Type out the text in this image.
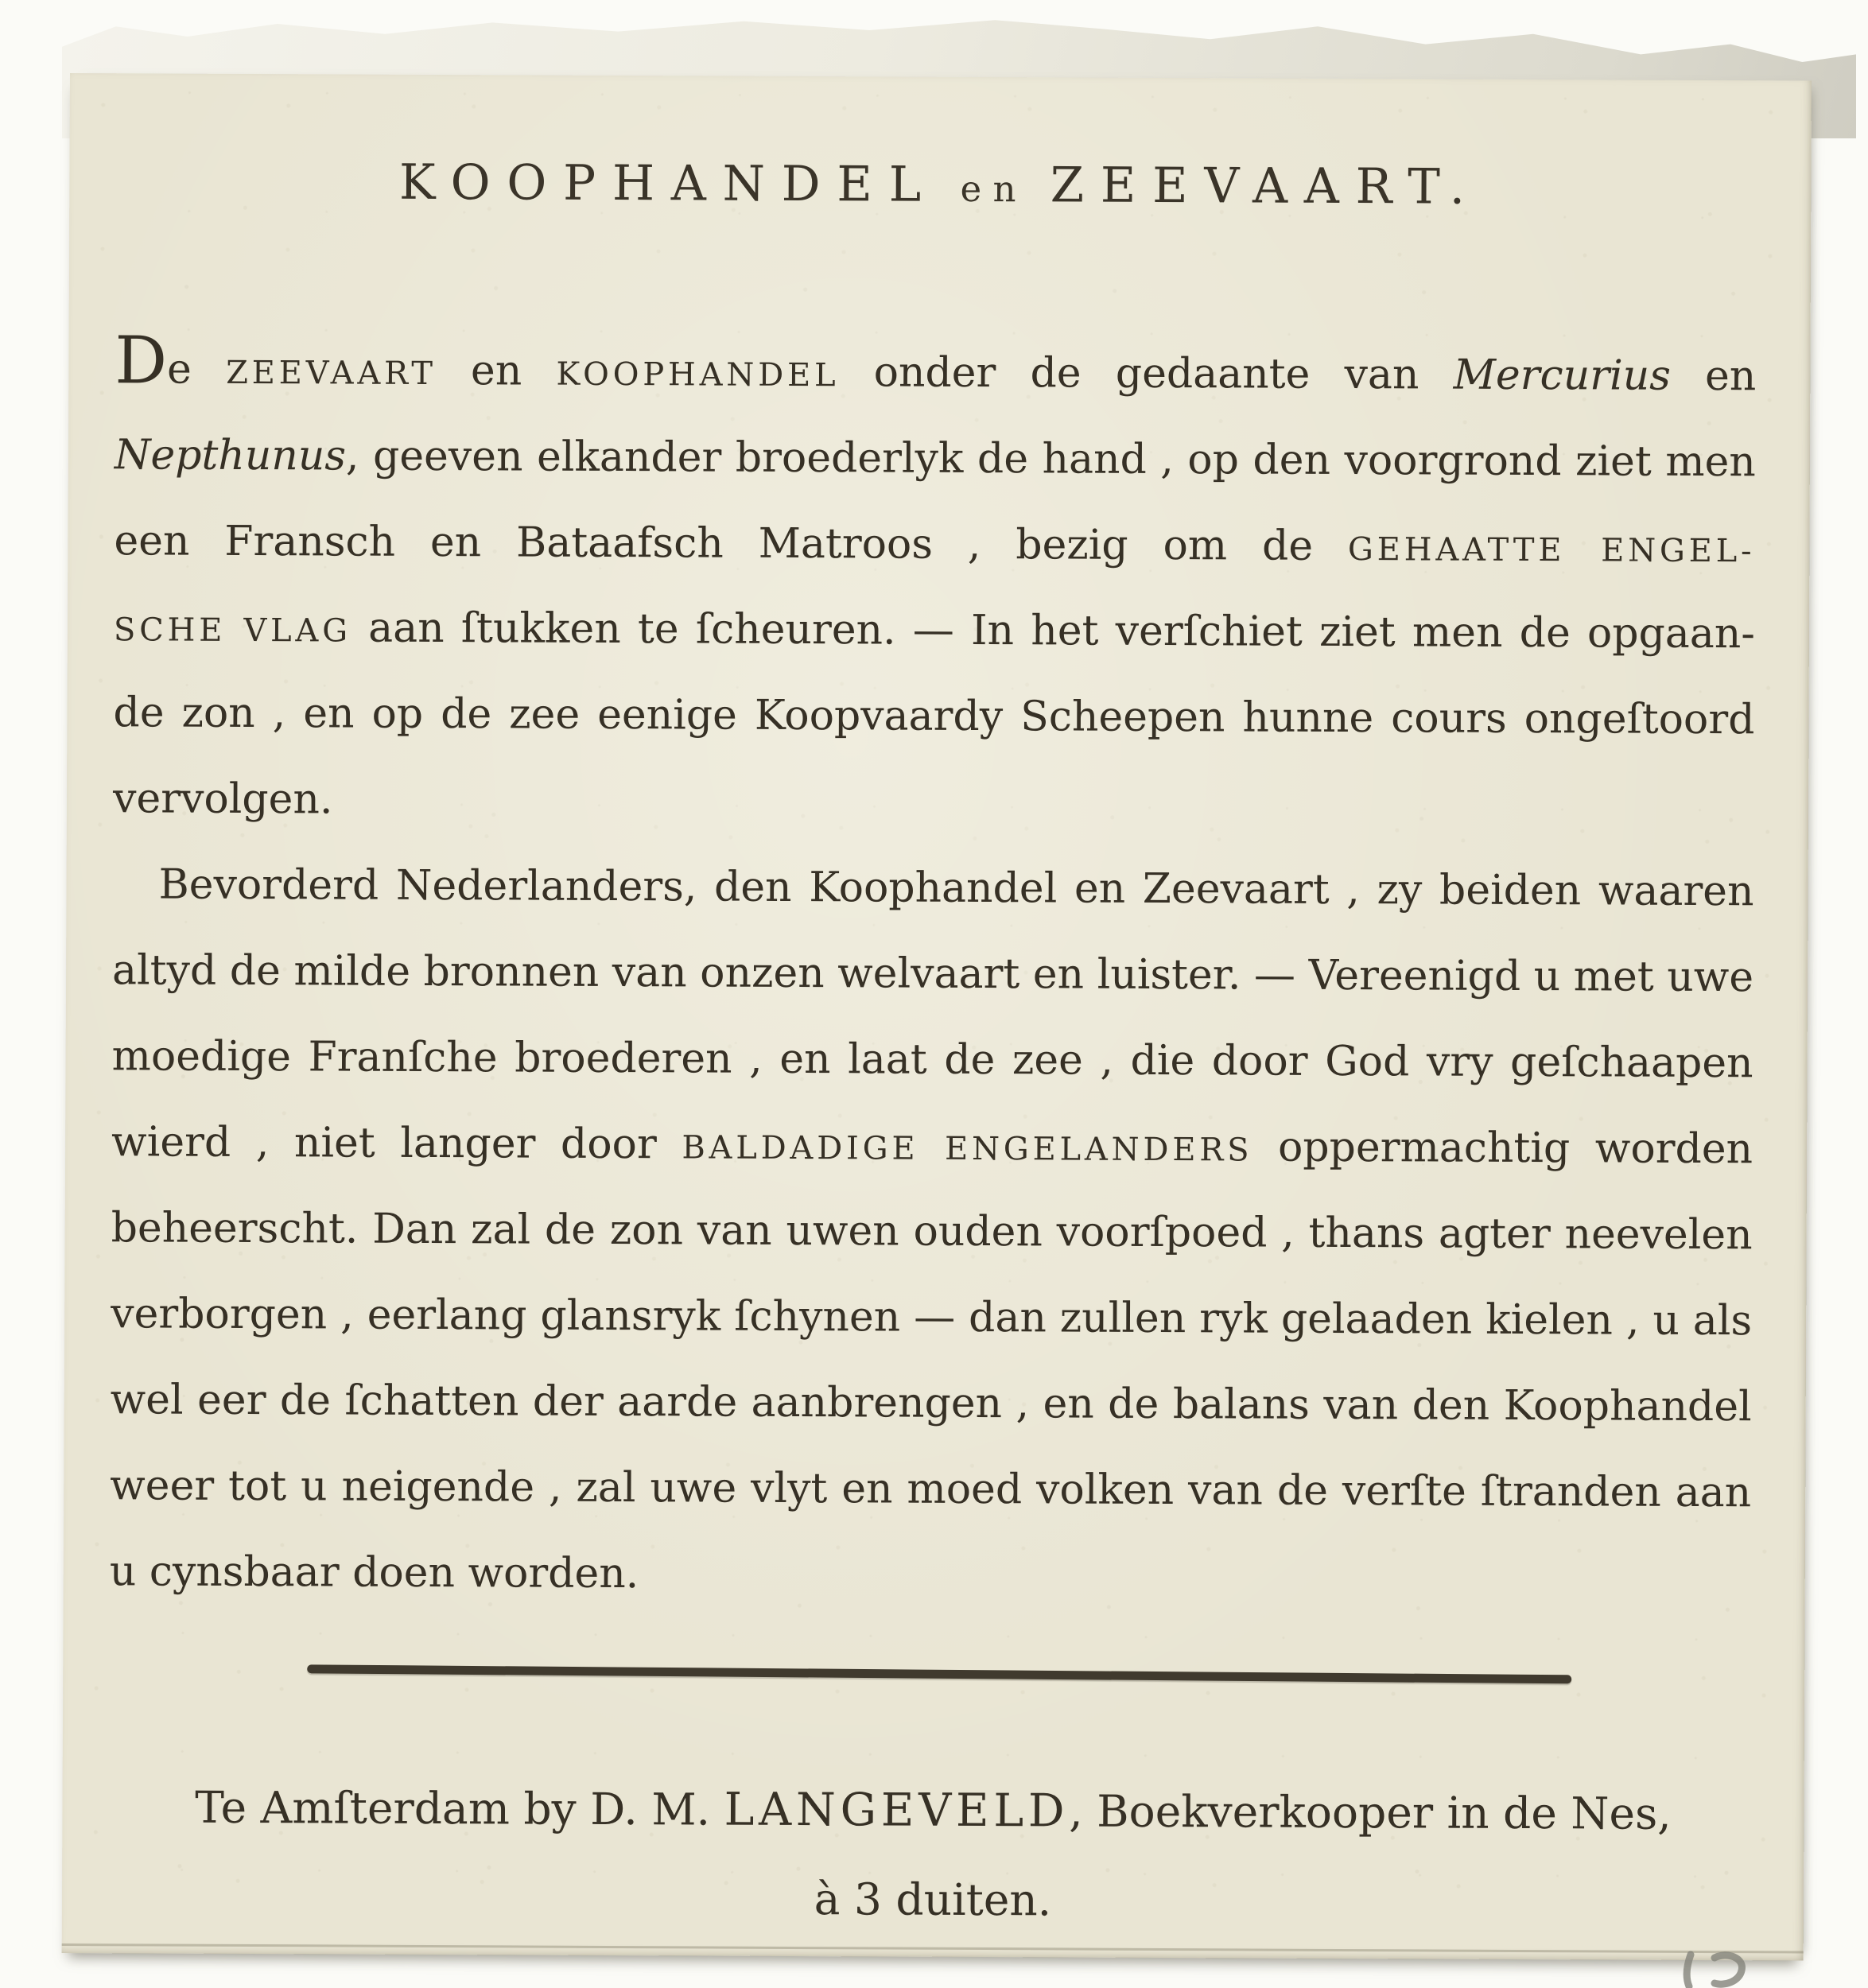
KOOPHANDEL en ZEEVAART.
De ZEEVAART en KOOPHANDEL onder de gedaante van Mercurius en
Nepthunus, geeven elkander broederlyk de hand , op den voorgrond ziet men
een Fransch en Bataafsch Matroos , bezig om de GEHAATTE ENGEL-
SCHE VLAG aan ſtukken te ſcheuren. — In het verſchiet ziet men de opgaan-
de zon , en op de zee eenige Koopvaardy Scheepen hunne cours ongeſtoord
vervolgen.
Bevorderd Nederlanders, den Koophandel en Zeevaart , zy beiden waaren
altyd de milde bronnen van onzen welvaart en luister. — Vereenigd u met uwe
moedige Franſche broederen , en laat de zee , die door God vry geſchaapen
wierd , niet langer door BALDADIGE ENGELANDERS oppermachtig worden
beheerscht. Dan zal de zon van uwen ouden voorſpoed , thans agter neevelen
verborgen , eerlang glansryk ſchynen — dan zullen ryk gelaaden kielen , u als
wel eer de ſchatten der aarde aanbrengen , en de balans van den Koophandel
weer tot u neigende , zal uwe vlyt en moed volken van de verſte ſtranden aan
u cynsbaar doen worden.
Te Amſterdam by D. M. LANGEVELD, Boekverkooper in de Nes,
à 3 duiten.
